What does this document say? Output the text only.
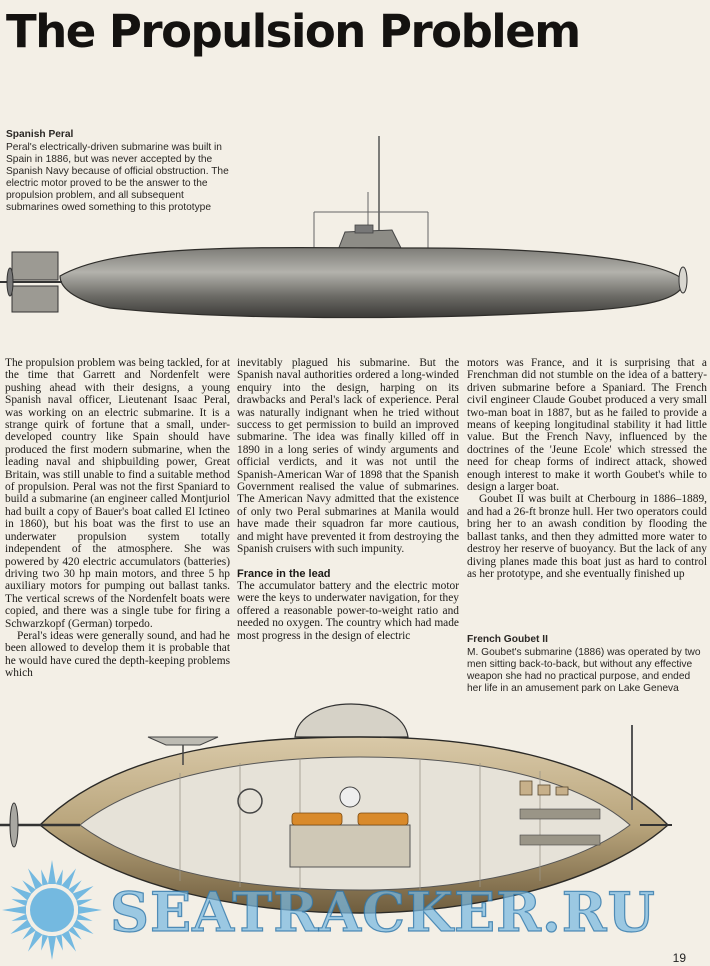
The Propulsion Problem
Spanish Peral
Peral's electrically-driven submarine was built in Spain in 1886, but was never accepted by the Spanish Navy because of official obstruction. The electric motor proved to be the answer to the propulsion problem, and all subsequent submarines owed something to this prototype

The propulsion problem was being tackled, for at the time that Garrett and Nordenfelt were pushing ahead with their designs, a young Spanish naval officer, Lieutenant Isaac Peral, was working on an electric submarine. It is a strange quirk of fortune that a small, under-developed country like Spain should have produced the first modern submarine, when the leading naval and shipbuilding power, Great Britain, was still unable to find a suitable method of propulsion. Peral was not the first Spaniard to build a submarine (an engineer called Montjuriol had built a copy of Bauer's boat called El Ictineo in 1860), but his boat was the first to use an underwater propulsion system totally independent of the atmosphere. She was powered by 420 electric accumulators (batteries) driving two 30 hp main motors, and three 5 hp auxiliary motors for pumping out ballast tanks. The vertical screws of the Nordenfelt boats were copied, and there was a single tube for firing a Schwarzkopf (German) torpedo.

Peral's ideas were generally sound, and had he been allowed to develop them it is probable that he would have cured the depth-keeping problems which

inevitably plagued his submarine. But the Spanish naval authorities ordered a long-winded enquiry into the design, harping on its drawbacks and Peral's lack of experience. Peral was naturally indignant when he tried without success to get permission to build an improved submarine. The idea was finally killed off in 1890 in a long series of windy arguments and official verdicts, and it was not until the Spanish-American War of 1898 that the Spanish Government realised the value of submarines. The American Navy admitted that the existence of only two Peral submarines at Manila would have made their squadron far more cautious, and might have prevented it from destroying the Spanish cruisers with such impunity.

France in the lead

The accumulator battery and the electric motor were the keys to underwater navigation, for they offered a reasonable power-to-weight ratio and needed no oxygen. The country which had made most progress in the design of electric

motors was France, and it is surprising that a Frenchman did not stumble on the idea of a battery-driven submarine before a Spaniard. The French civil engineer Claude Goubet produced a very small two-man boat in 1887, but as he failed to provide a means of keeping longitudinal stability it had little value. But the French Navy, influenced by the doctrines of the 'Jeune Ecole' which stressed the need for cheap forms of indirect attack, showed enough interest to make it worth Goubet's while to design a larger boat.

Goubet II was built at Cherbourg in 1886–1889, and had a 26-ft bronze hull. Her two operators could bring her to an awash condition by flooding the ballast tanks, and then they admitted more water to destroy her reserve of buoyancy. But the lack of any diving planes made this boat just as hard to control as her prototype, and she eventually finished up

French Goubet II
M. Goubet's submarine (1886) was operated by two men sitting back-to-back, but without any effective weapon she had no practical purpose, and ended her life in an amusement park on Lake Geneva
SEATRACKER.RU
19
